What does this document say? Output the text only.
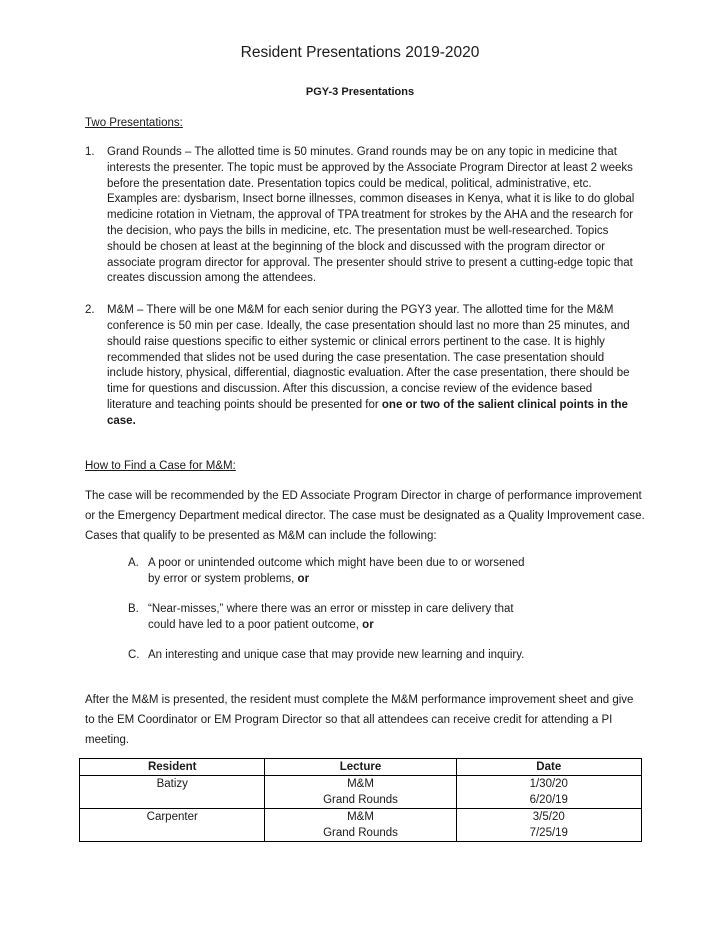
Resident Presentations 2019-2020
PGY-3 Presentations
Two Presentations:
1. Grand Rounds – The allotted time is 50 minutes. Grand rounds may be on any topic in medicine that interests the presenter. The topic must be approved by the Associate Program Director at least 2 weeks before the presentation date. Presentation topics could be medical, political, administrative, etc. Examples are: dysbarism, Insect borne illnesses, common diseases in Kenya, what it is like to do global medicine rotation in Vietnam, the approval of TPA treatment for strokes by the AHA and the research for the decision, who pays the bills in medicine, etc. The presentation must be well-researched. Topics should be chosen at least at the beginning of the block and discussed with the program director or associate program director for approval. The presenter should strive to present a cutting-edge topic that creates discussion among the attendees.
2. M&M – There will be one M&M for each senior during the PGY3 year. The allotted time for the M&M conference is 50 min per case. Ideally, the case presentation should last no more than 25 minutes, and should raise questions specific to either systemic or clinical errors pertinent to the case. It is highly recommended that slides not be used during the case presentation. The case presentation should include history, physical, differential, diagnostic evaluation. After the case presentation, there should be time for questions and discussion. After this discussion, a concise review of the evidence based literature and teaching points should be presented for one or two of the salient clinical points in the case.
How to Find a Case for M&M:
The case will be recommended by the ED Associate Program Director in charge of performance improvement or the Emergency Department medical director. The case must be designated as a Quality Improvement case. Cases that qualify to be presented as M&M can include the following:
A. A poor or unintended outcome which might have been due to or worsened by error or system problems, or
B. “Near-misses,” where there was an error or misstep in care delivery that could have led to a poor patient outcome, or
C. An interesting and unique case that may provide new learning and inquiry.
After the M&M is presented, the resident must complete the M&M performance improvement sheet and give to the EM Coordinator or EM Program Director so that all attendees can receive credit for attending a PI meeting.
Resident	Lecture	Date
Batizy	M&M	1/30/20
	Grand Rounds	6/20/19
Carpenter	M&M	3/5/20
	Grand Rounds	7/25/19
